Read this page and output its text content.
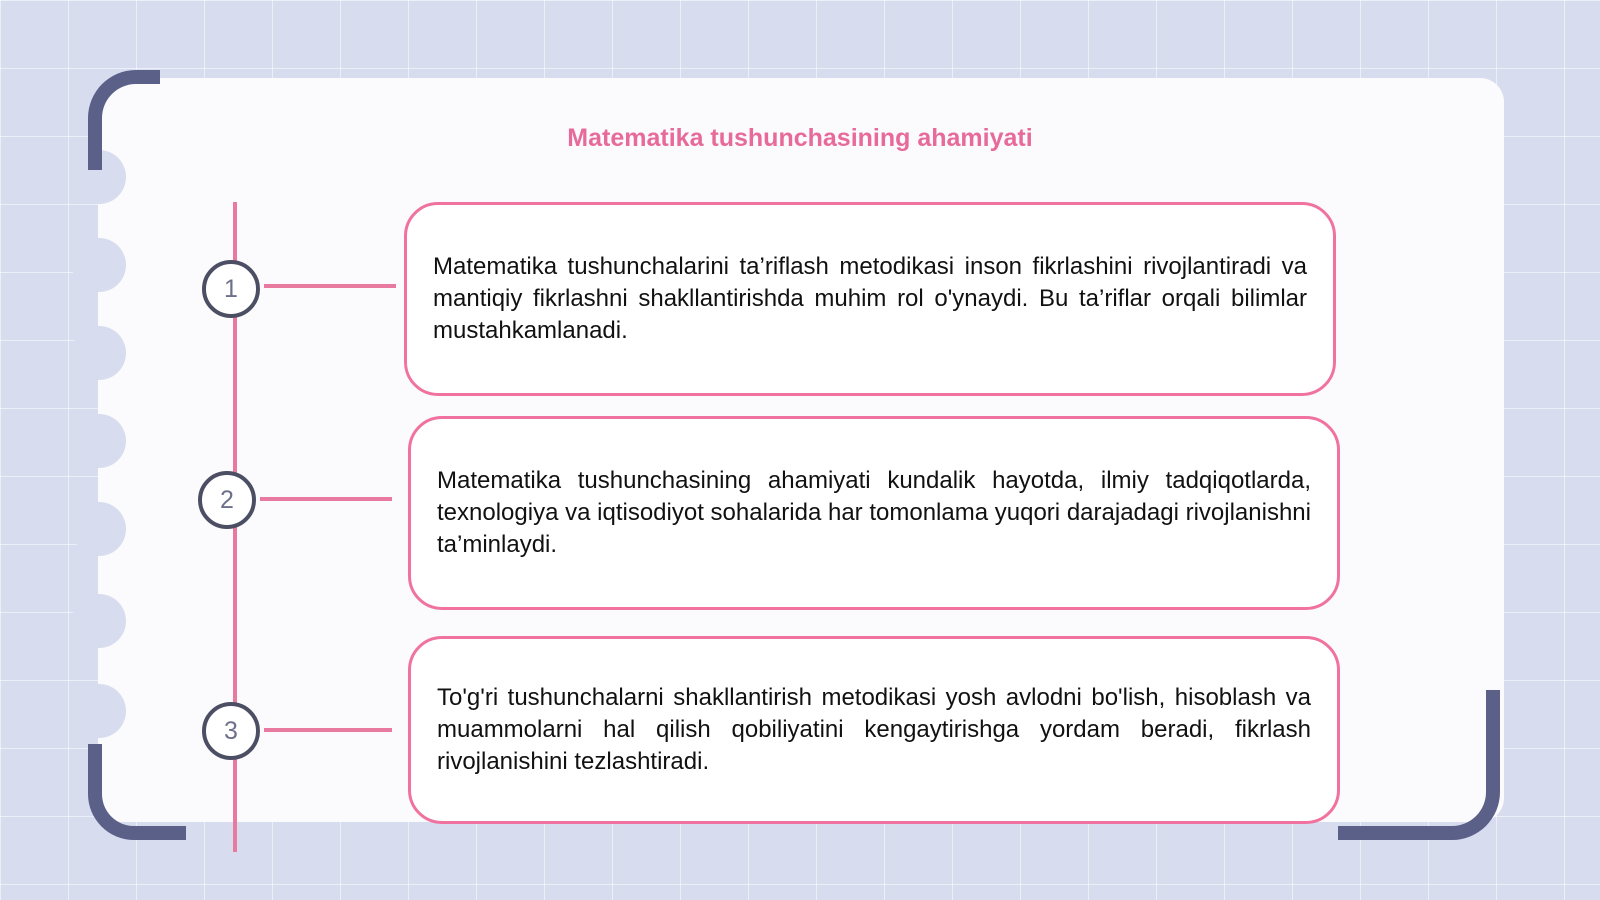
Matematika tushunchasining ahamiyati
1
2
3

Matematika tushunchalarini ta’riflash metodikasi inson fikrlashini rivojlantiradi va mantiqiy fikrlashni shakllantirishda muhim rol o'ynaydi. Bu ta’riflar orqali bilimlar mustahkamlanadi.

Matematika tushunchasining ahamiyati kundalik hayotda, ilmiy tadqiqotlarda, texnologiya va iqtisodiyot sohalarida har tomonlama yuqori darajadagi rivojlanishni ta’minlaydi.

To'g'ri tushunchalarni shakllantirish metodikasi yosh avlodni bo'lish, hisoblash va muammolarni hal qilish qobiliyatini kengaytirishga yordam beradi, fikrlash rivojlanishini tezlashtiradi.
